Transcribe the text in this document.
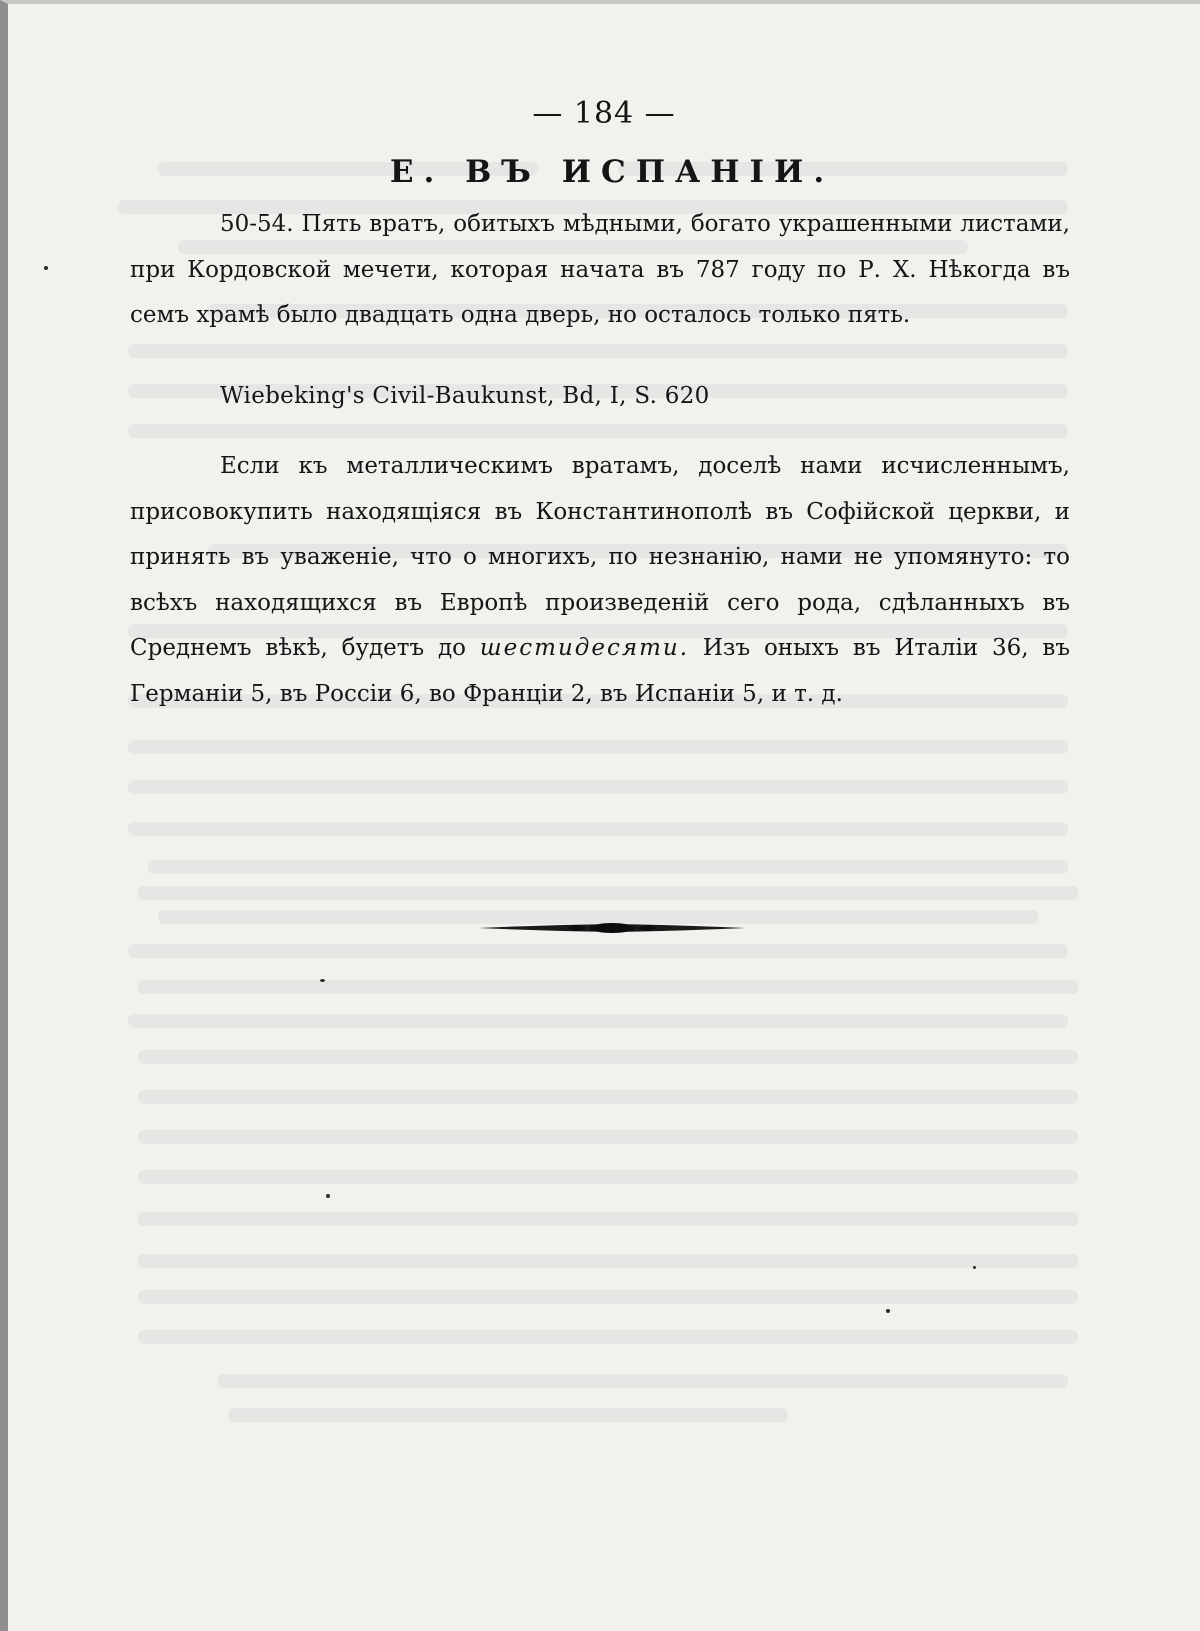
— 184 —
Е. ВЪ ИСПАНІИ.
50-54. Пять вратъ, обитыхъ мѣдными, богато украшенными листами, при Кордовской мечети, которая начата въ 787 году по Р. Х. Нѣкогда въ семъ храмѣ было двадцать одна дверь, но осталось только пять.
Wiebeking's Civil-Baukunst, Bd, I, S. 620
Если къ металлическимъ вратамъ, доселѣ нами исчисленнымъ, присовокупить находящіяся въ Константинополѣ въ Софійской церкви, и принять въ уваженіе, что о многихъ, по незнанію, нами не упомянуто: то всѣхъ находящихся въ Европѣ произведеній сего рода, сдѣланныхъ въ Среднемъ вѣкѣ, будетъ до шестидесяти. Изъ оныхъ въ Италіи 36, въ Германіи 5, въ Россіи 6, во Франціи 2, въ Испаніи 5, и т. д.
